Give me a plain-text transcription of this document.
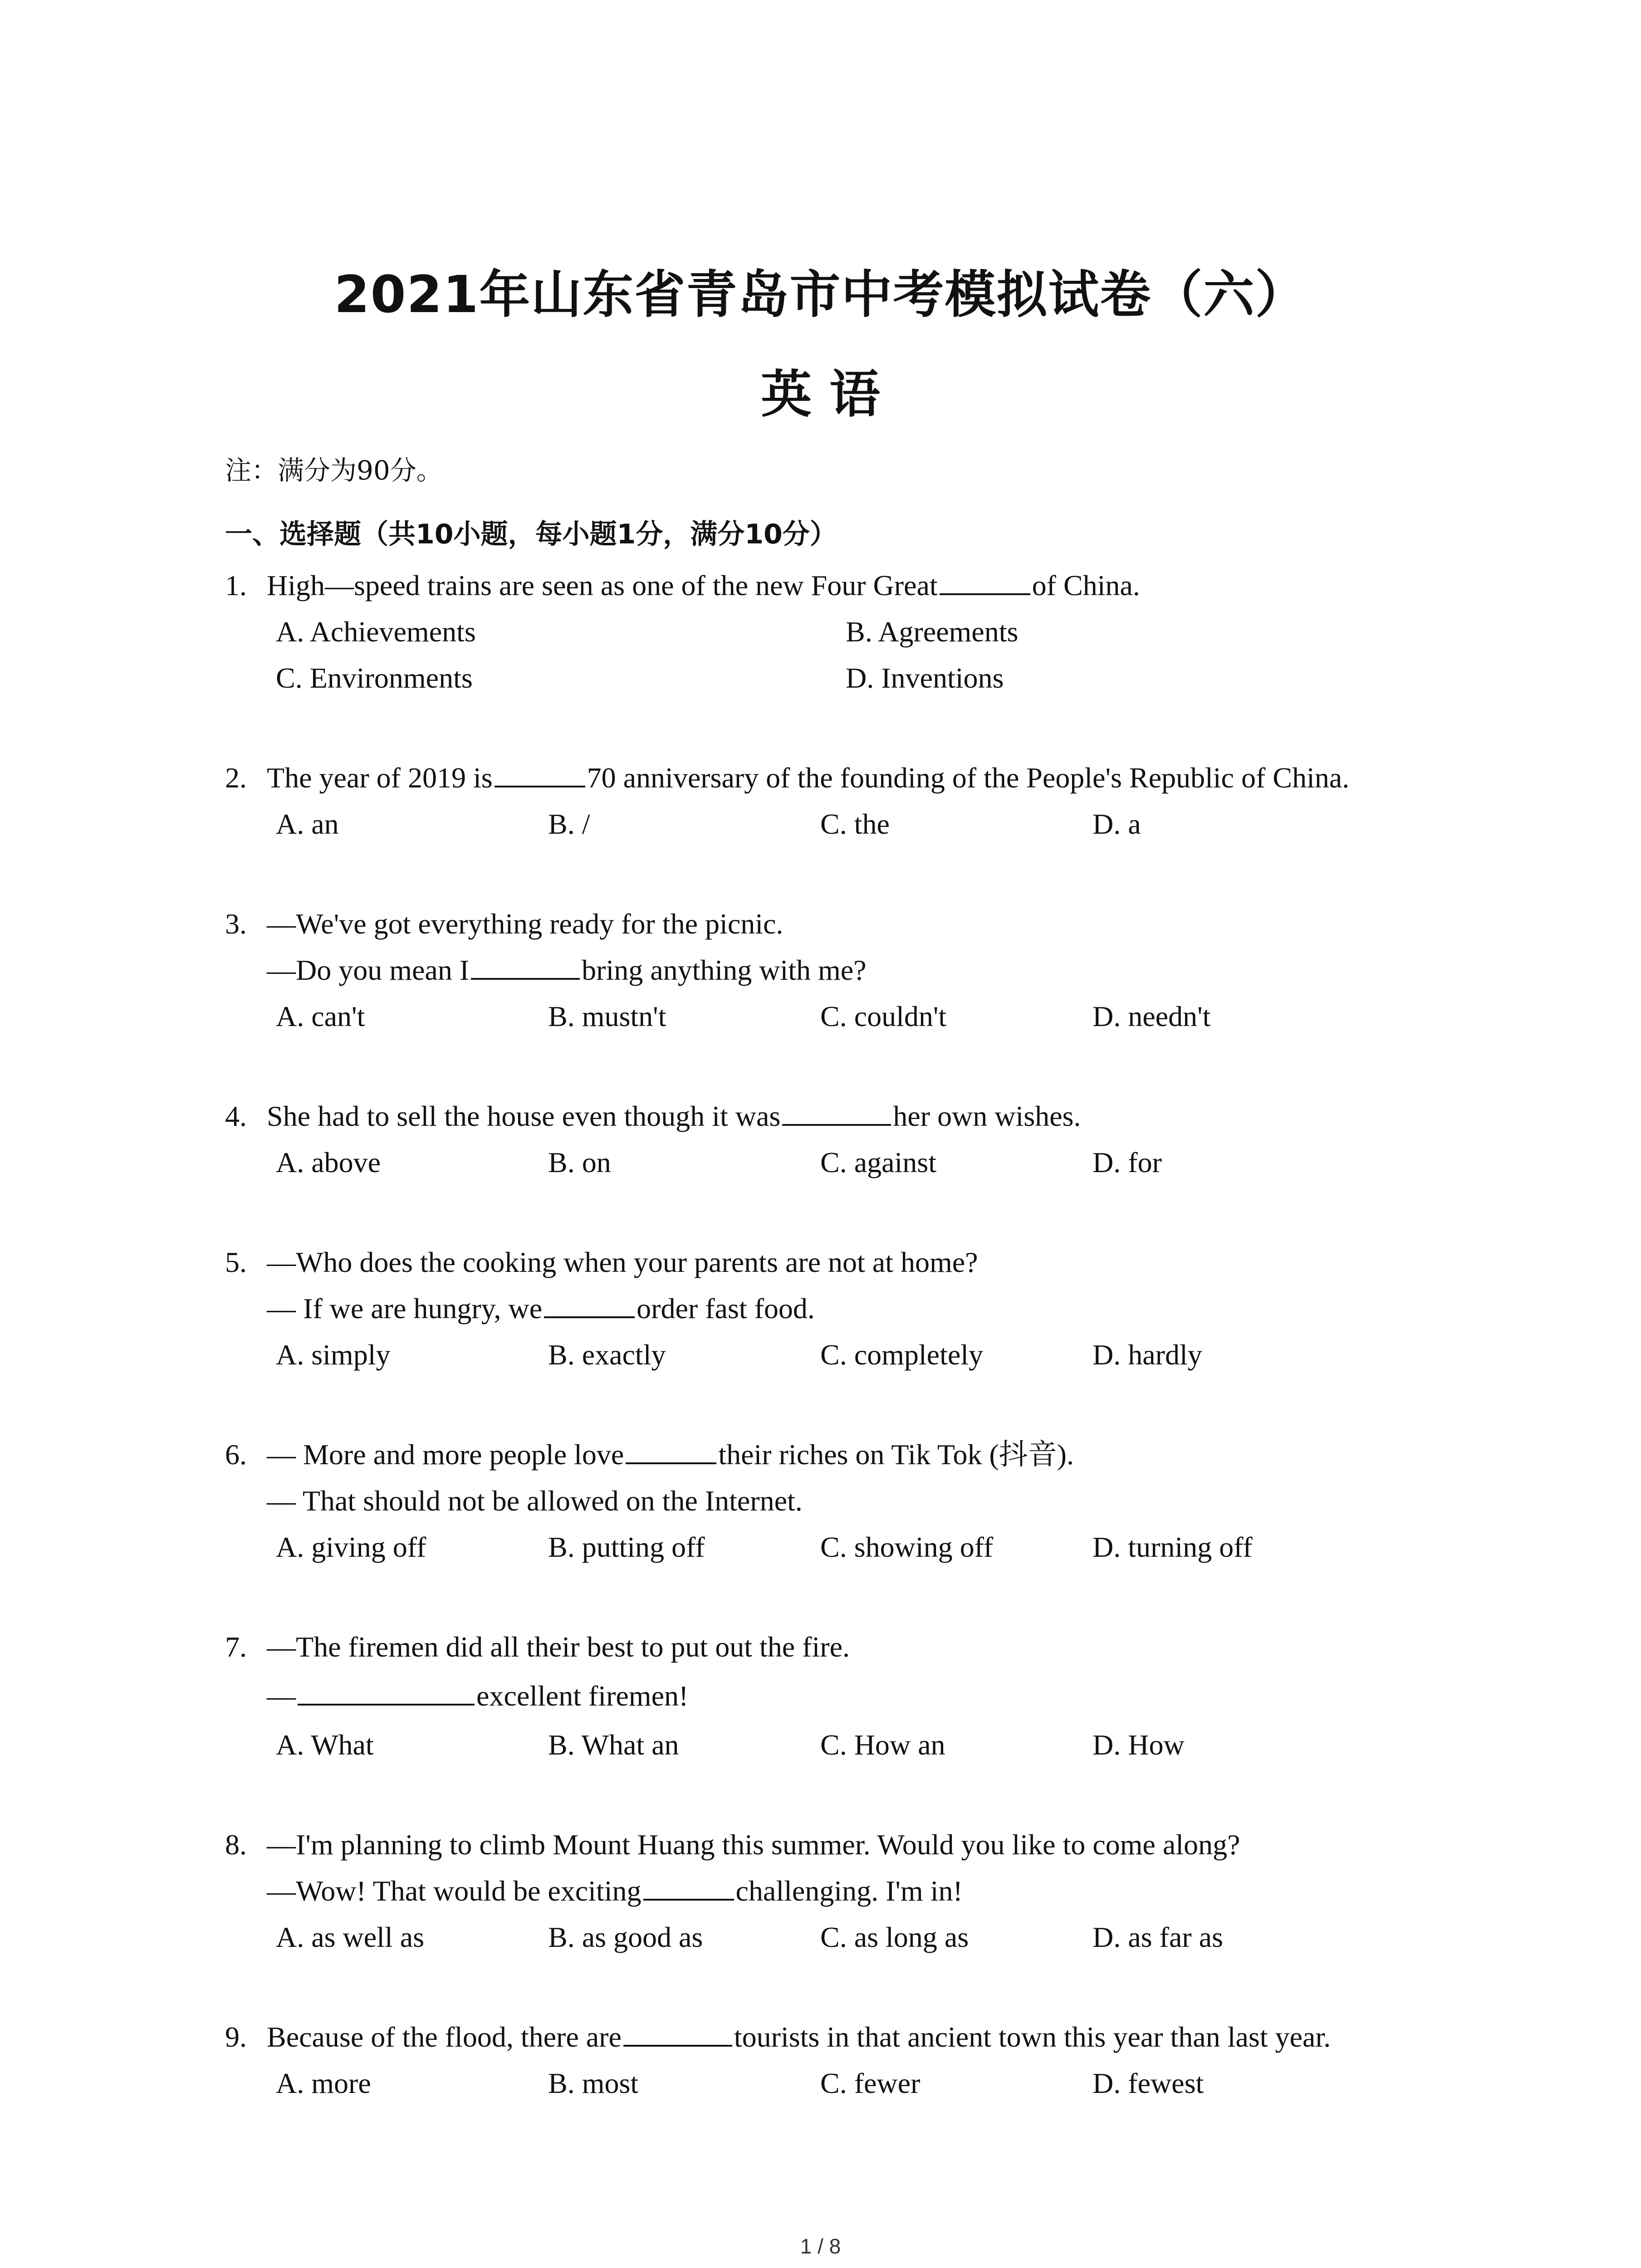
2021年山东省青岛市中考模拟试卷（六）
英 语
注：满分为90分。
一、选择题（共10小题，每小题1分，满分10分）
1. High—speed trains are seen as one of the new Four Great	of China.
A. Achievements	B. Agreements
C. Environments	D. Inventions
2. The year of 2019 is	70 anniversary of the founding of the People's Republic of China.
A. an	B. /	C. the	D. a
3. —We've got everything ready for the picnic.
—Do you mean I	bring anything with me?
A. can't	B. mustn't	C. couldn't	D. needn't
4. She had to sell the house even though it was	her own wishes.
A. above	B. on	C. against	D. for
5. —Who does the cooking when your parents are not at home?
— If we are hungry, we	order fast food.
A. simply	B. exactly	C. completely	D. hardly
6. — More and more people love	their riches on Tik Tok (抖音).
— That should not be allowed on the Internet.
A. giving off	B. putting off	C. showing off	D. turning off
7. —The firemen did all their best to put out the fire.
—	excellent firemen!
A. What	B. What an	C. How an	D. How
8. —I'm planning to climb Mount Huang this summer. Would you like to come along?
—Wow! That would be exciting	challenging. I'm in!
A. as well as	B. as good as	C. as long as	D. as far as
9. Because of the flood, there are	tourists in that ancient town this year than last year.
A. more	B. most	C. fewer	D. fewest
1 / 8
